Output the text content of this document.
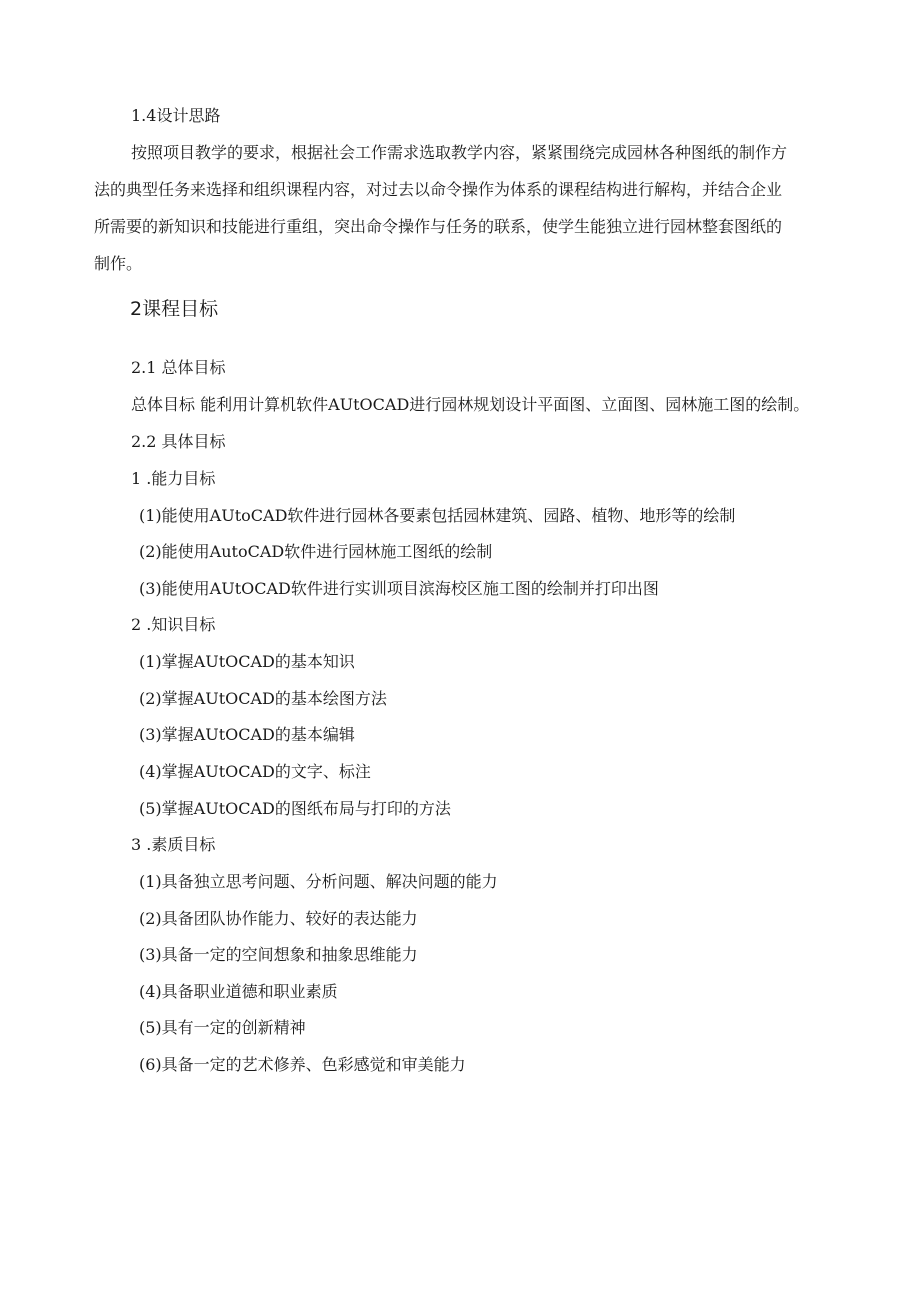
1.4设计思路
按照项目教学的要求，根据社会工作需求选取教学内容，紧紧围绕完成园林各种图纸的制作方
法的典型任务来选择和组织课程内容，对过去以命令操作为体系的课程结构进行解构，并结合企业
所需要的新知识和技能进行重组，突出命令操作与任务的联系，使学生能独立进行园林整套图纸的
制作。
2课程目标
2.1 总体目标
总体目标 能利用计算机软件AUtOCAD进行园林规划设计平面图、立面图、园林施工图的绘制。
2.2 具体目标
1 .能力目标
(1)能使用AUtoCAD软件进行园林各要素包括园林建筑、园路、植物、地形等的绘制
(2)能使用AutoCAD软件进行园林施工图纸的绘制
(3)能使用AUtOCAD软件进行实训项目滨海校区施工图的绘制并打印出图
2 .知识目标
(1)掌握AUtOCAD的基本知识
(2)掌握AUtOCAD的基本绘图方法
(3)掌握AUtOCAD的基本编辑
(4)掌握AUtOCAD的文字、标注
(5)掌握AUtOCAD的图纸布局与打印的方法
3 .素质目标
(1)具备独立思考问题、分析问题、解决问题的能力
(2)具备团队协作能力、较好的表达能力
(3)具备一定的空间想象和抽象思维能力
(4)具备职业道德和职业素质
(5)具有一定的创新精神
(6)具备一定的艺术修养、色彩感觉和审美能力
